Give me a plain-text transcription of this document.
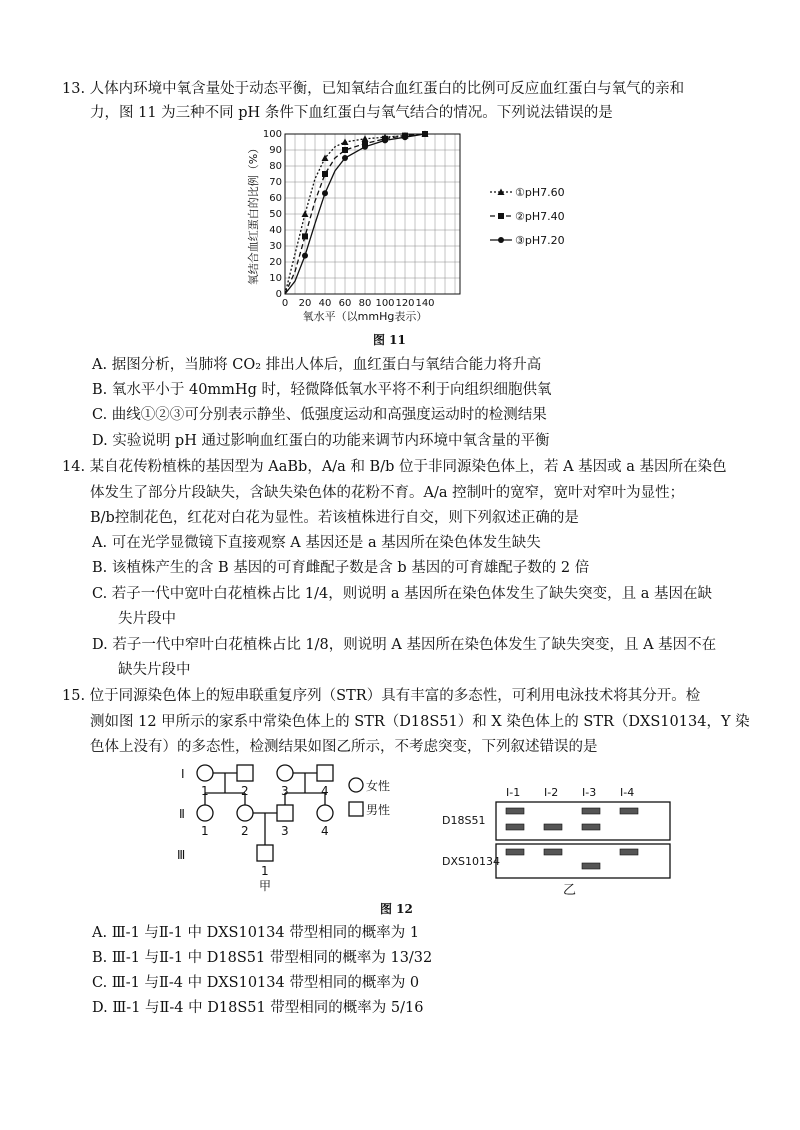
13. 人体内环境中氧含量处于动态平衡，已知氧结合血红蛋白的比例可反应血红蛋白与氧气的亲和
力，图 11 为三种不同 pH 条件下血红蛋白与氧气结合的情况。下列说法错误的是
0 20 40 60 80 100 120 140
0
10
20
30
40
50
60
70
80
90
100
氧水平（以mmHg表示）
氧结合血红蛋白的比例（%）	①pH7.60
②pH7.40
③pH7.20
图 11
A. 据图分析，当肺将 CO₂ 排出人体后，血红蛋白与氧结合能力将升高
B. 氧水平小于 40mmHg 时，轻微降低氧水平将不利于向组织细胞供氧
C. 曲线①②③可分别表示静坐、低强度运动和高强度运动时的检测结果
D. 实验说明 pH 通过影响血红蛋白的功能来调节内环境中氧含量的平衡
14. 某自花传粉植株的基因型为 AaBb，A/a 和 B/b 位于非同源染色体上，若 A 基因或 a 基因所在染色
体发生了部分片段缺失，含缺失染色体的花粉不育。A/a 控制叶的宽窄，宽叶对窄叶为显性；
B/b控制花色，红花对白花为显性。若该植株进行自交，则下列叙述正确的是
A. 可在光学显微镜下直接观察 A 基因还是 a 基因所在染色体发生缺失
B. 该植株产生的含 B 基因的可育雌配子数是含 b 基因的可育雄配子数的 2 倍
C. 若子一代中宽叶白花植株占比 1/4，则说明 a 基因所在染色体发生了缺失突变，且 a 基因在缺
失片段中
D. 若子一代中窄叶白花植株占比 1/8，则说明 A 基因所在染色体发生了缺失突变，且 A 基因不在
缺失片段中
15. 位于同源染色体上的短串联重复序列（STR）具有丰富的多态性，可利用电泳技术将其分开。检
测如图 12 甲所示的家系中常染色体上的 STR（D18S51）和 X 染色体上的 STR（DXS10134，Y 染
色体上没有）的多态性，检测结果如图乙所示，不考虑突变，下列叙述错误的是
Ⅰ
Ⅱ
Ⅲ
1	2	3	4
1	2	3	4
1
甲
女性
男性
Ⅰ-1 Ⅰ-2 Ⅰ-3 Ⅰ-4
D18S51
DXS10134
乙
图 12
A. Ⅲ-1 与Ⅱ-1 中 DXS10134 带型相同的概率为 1
B. Ⅲ-1 与Ⅱ-1 中 D18S51 带型相同的概率为 13/32
C. Ⅲ-1 与Ⅱ-4 中 DXS10134 带型相同的概率为 0
D. Ⅲ-1 与Ⅱ-4 中 D18S51 带型相同的概率为 5/16
